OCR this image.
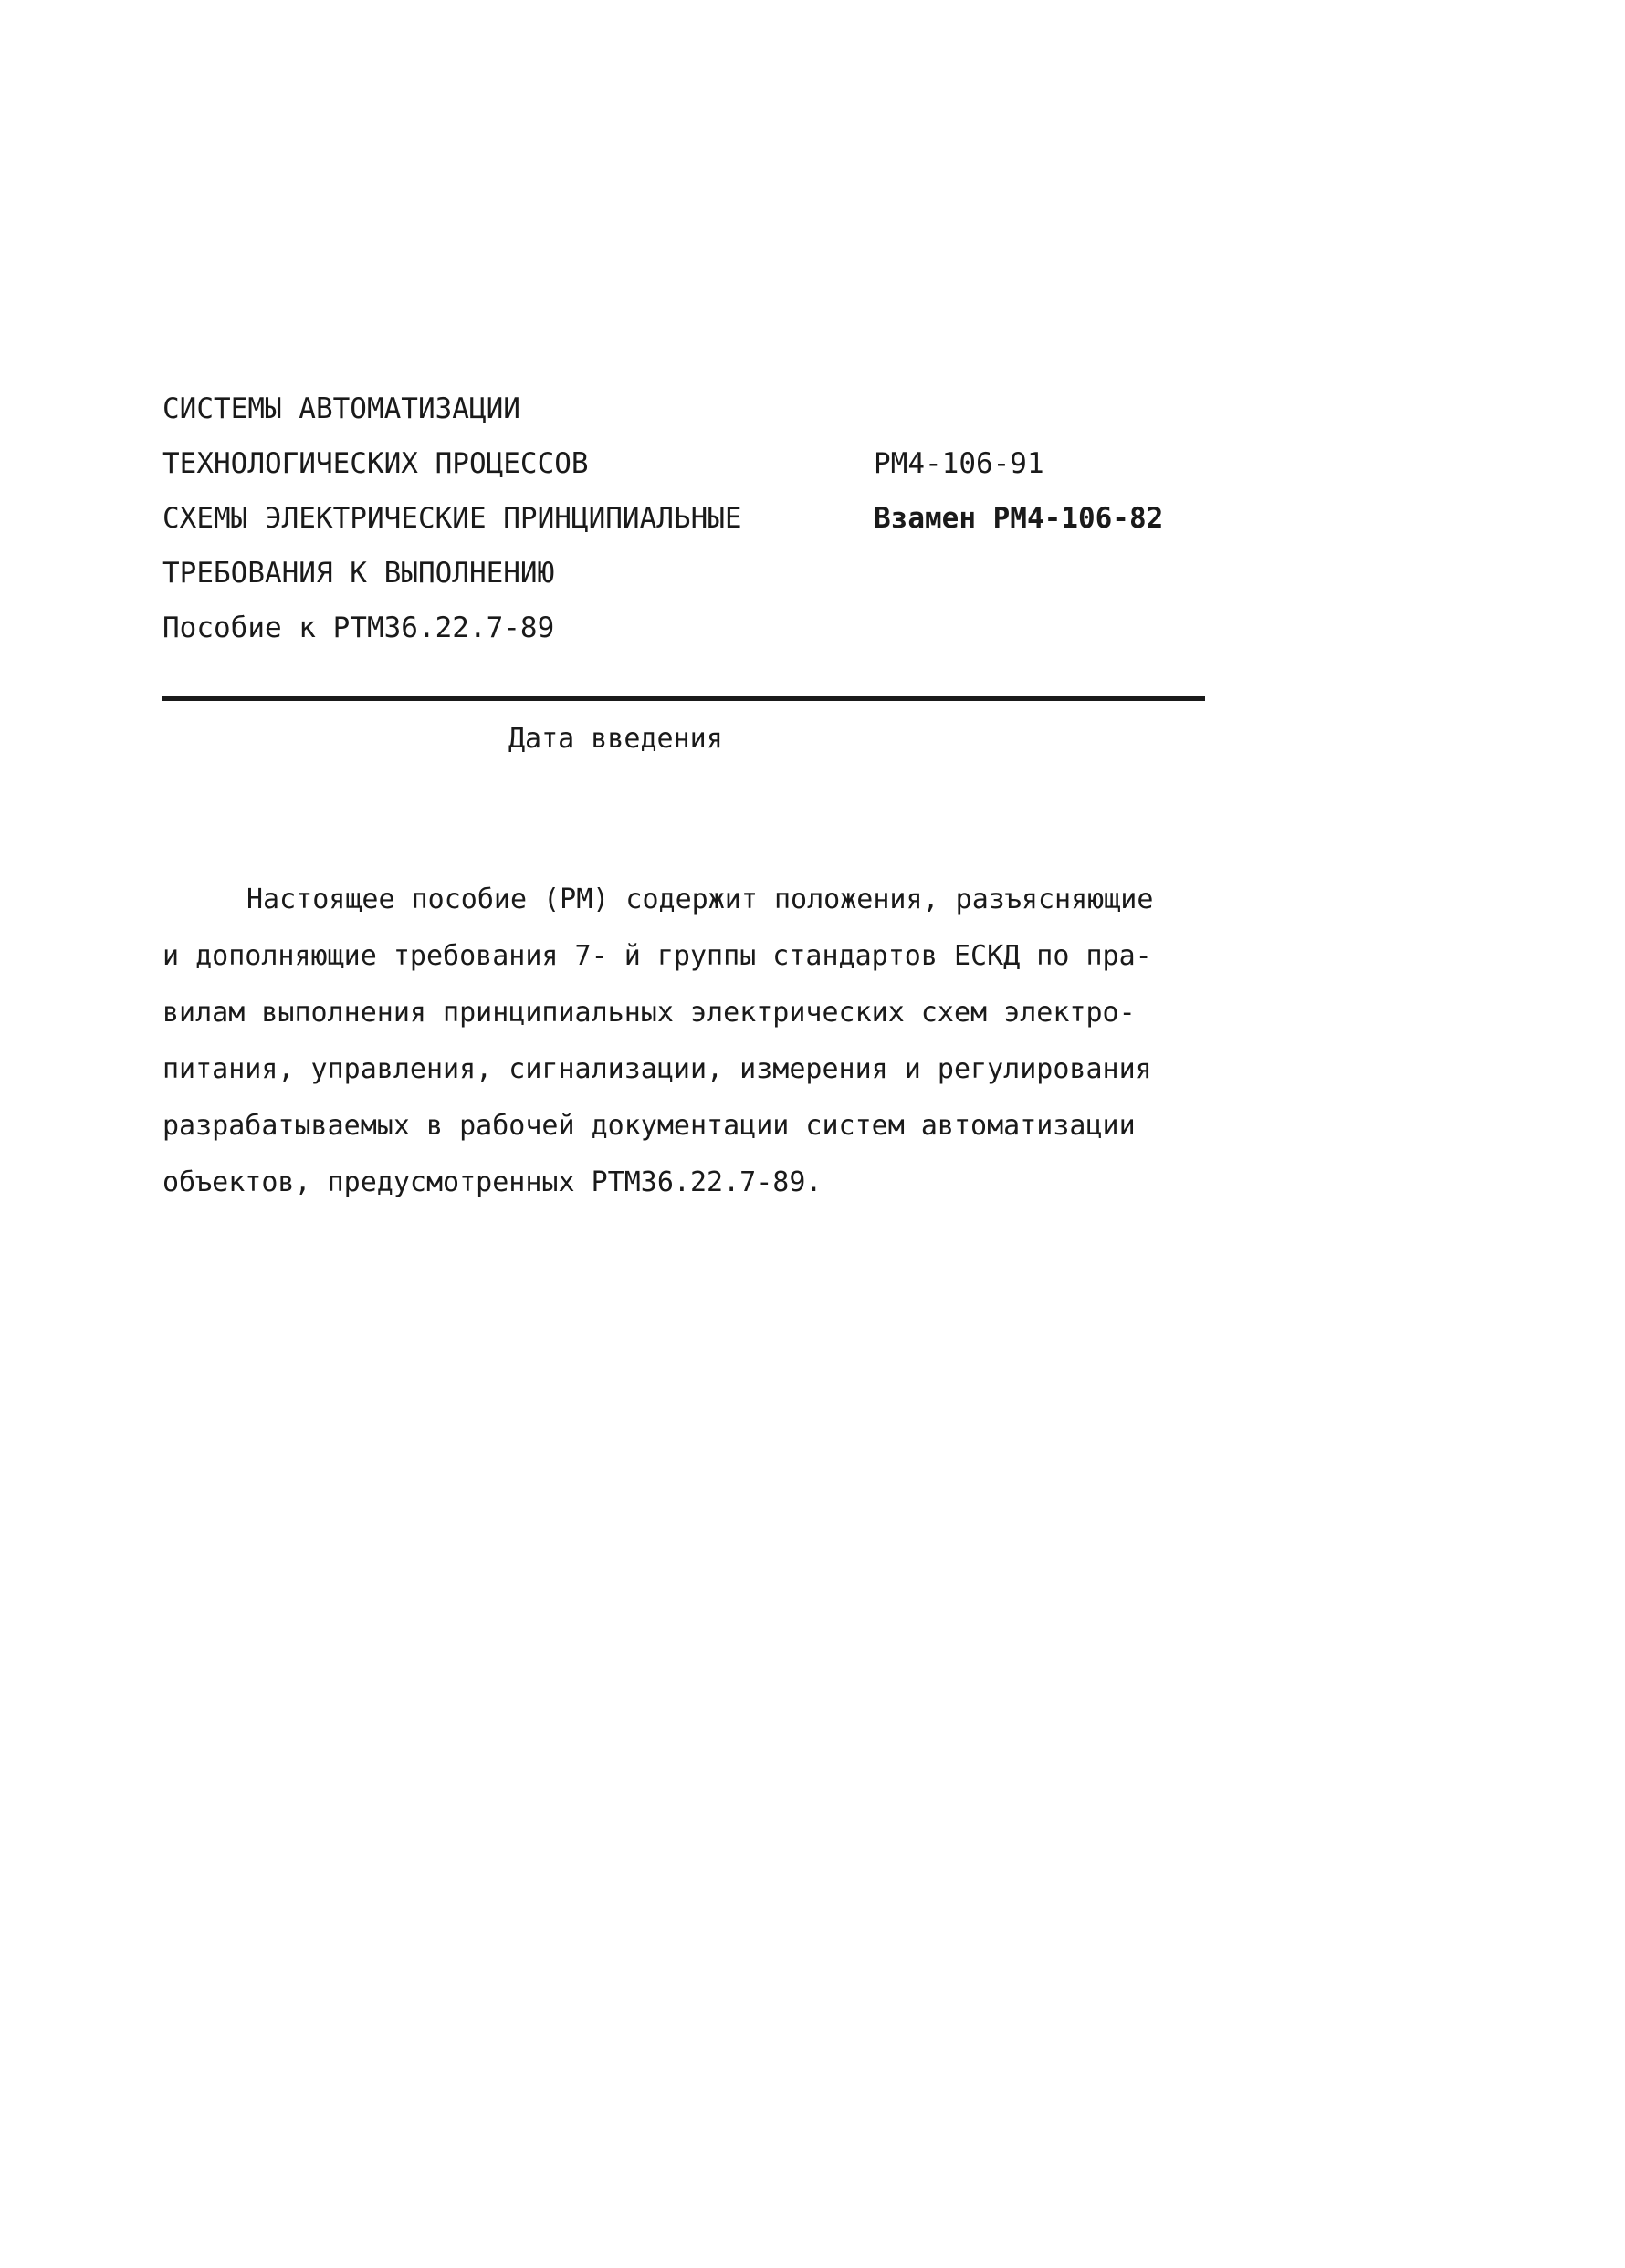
СИСТЕМЫ АВТОМАТИЗАЦИИ
ТЕХНОЛОГИЧЕСКИХ ПРОЦЕССОВ
СХЕМЫ ЭЛЕКТРИЧЕСКИЕ ПРИНЦИПИАЛЬНЫЕ
ТРЕБОВАНИЯ К ВЫПОЛНЕНИЮ
Пособие к РТМ36.22.7-89
РМ4-106-91
Взамен РМ4-106-82
Дата введения
Настоящее пособие (РМ) содержит положения, разъясняющие
и дополняющие требования 7- й группы стандартов ЕСКД по пра-
вилам выполнения принципиальных электрических схем электро-
питания, управления, сигнализации, измерения и регулирования
разрабатываемых в рабочей документации систем автоматизации
объектов, предусмотренных РТМ36.22.7-89.
